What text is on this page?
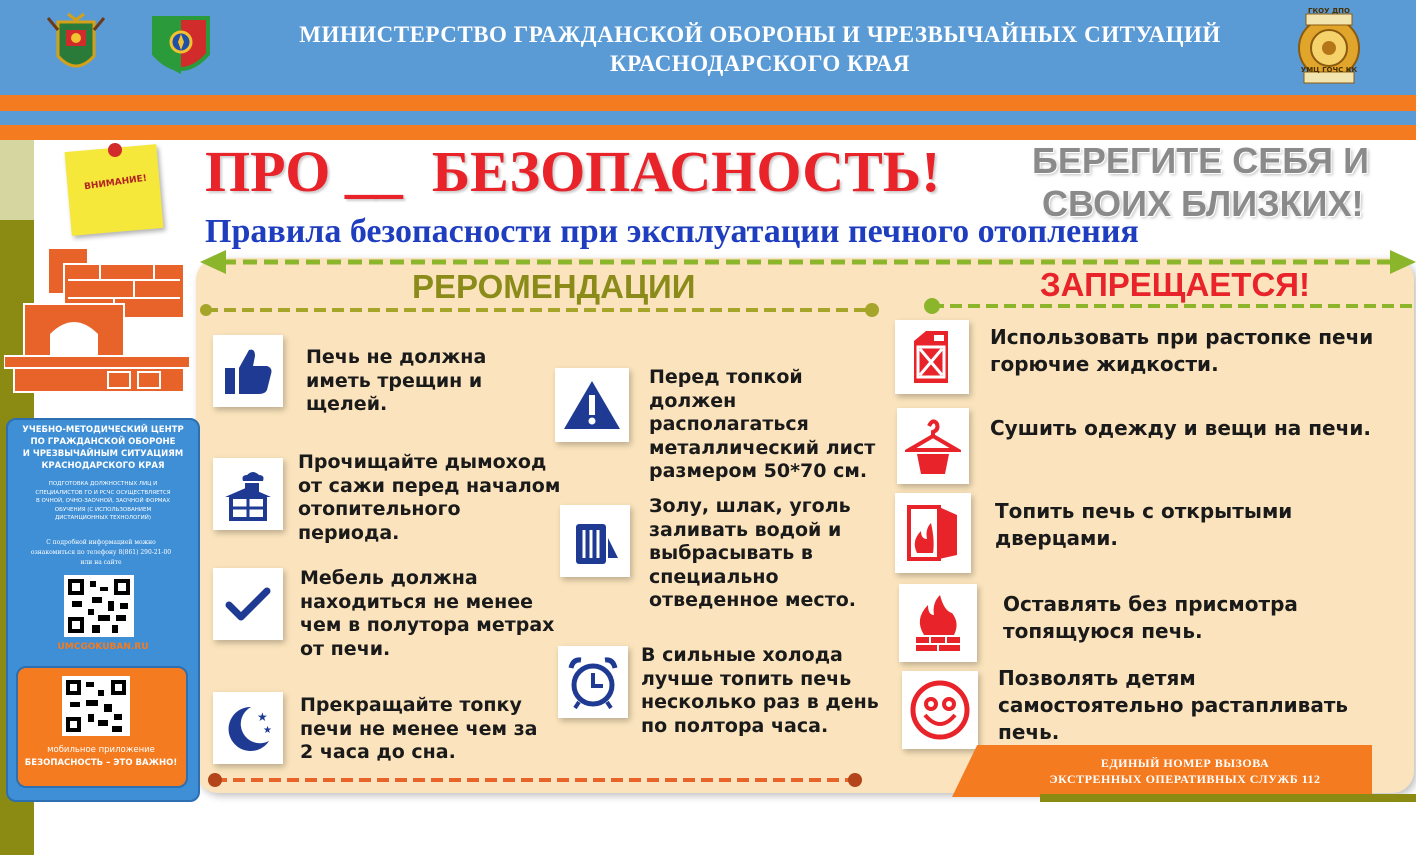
МИНИСТЕРСТВО ГРАЖДАНСКОЙ ОБОРОНЫ И ЧРЕЗВЫЧАЙНЫХ СИТУАЦИЙ
КРАСНОДАРСКОГО КРАЯ
ГКОУ ДПО
УМЦ ГОЧС КК
ВНИМАНИЕ! ПРО __  БЕЗОПАСНОСТЬ!	БЕРЕГИТЕ СЕБЯ И
СВОИХ БЛИЗКИХ!
Правила безопасности при эксплуатации печного отопления
РЕРОМЕНДАЦИИ	ЗАПРЕЩАЕТСЯ!
Печь не должна
иметь трещин и
щелей.
Прочищайте дымоход
от сажи перед началом
отопительного
периода.
Мебель должна
находиться не менее
чем в полутора метрах
от печи.
★
★
Прекращайте топку
печи не менее чем за
2 часа до сна.
Перед топкой
должен
располагаться
металлический лист
размером 50*70 см.
Золу, шлак, уголь
заливать водой и
выбрасывать в
специально
отведенное место.
В сильные холода
лучше топить печь
несколько раз в день
по полтора часа.
Использовать при растопке печи
горючие жидкости.
Сушить одежду и вещи на печи.
Топить печь с открытыми
дверцами.
Оставлять без присмотра
топящуюся печь.
Позволять детям
самостоятельно растапливать
печь.
УЧЕБНО-МЕТОДИЧЕСКИЙ ЦЕНТР
ПО ГРАЖДАНСКОЙ ОБОРОНЕ
И ЧРЕЗВЫЧАЙНЫМ СИТУАЦИЯМ
КРАСНОДАРСКОГО КРАЯ
ПОДГОТОВКА ДОЛЖНОСТНЫХ ЛИЦ И
СПЕЦИАЛИСТОВ ГО И РСЧС ОСУЩЕСТВЛЯЕТСЯ
В ОЧНОЙ, ОЧНО-ЗАОЧНОЙ, ЗАОЧНОЙ ФОРМАХ
ОБУЧЕНИЯ (С ИСПОЛЬЗОВАНИЕМ
ДИСТАНЦИОННЫХ ТЕХНОЛОГИЙ)
С подробной информацией можно
ознакомиться по телефону 8(861) 290-21-00
или на сайте
UMCGOKUBAN.RU
мобильное приложение
БЕЗОПАСНОСТЬ – ЭТО ВАЖНО!	ЕДИНЫЙ НОМЕР ВЫЗОВА
ЭКСТРЕННЫХ ОПЕРАТИВНЫХ СЛУЖБ 112
